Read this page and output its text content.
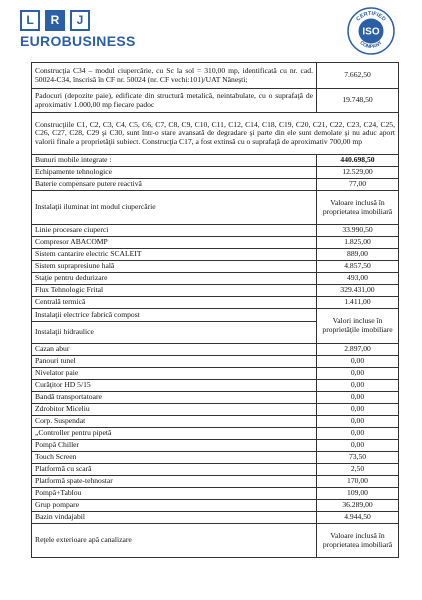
L	R	J
EUROBUSINESS
CERTIFIED
COMPANY
ISO
Construcţia C34 – modul ciupercărie, cu Sc la sol = 310,00 mp, identificată cu nr. cad. 50024-C34, înscrisă în CF nr. 50024 (nr. CF vechi:101)/UAT Năneşti;	7.662,50
Padocuri (depozite paie), edificate din structură metalică, neintabulate, cu o suprafaţă de aproximativ 1.000,00 mp fiecare padoc	19.748,50
Construcţiile C1, C2, C3, C4, C5, C6, C7, C8, C9, C10, C11, C12, C14, C18, C19, C20, C21, C22, C23, C24, C25, C26, C27, C28, C29 şi C30, sunt într-o stare avansată de degradare şi parte din ele sunt demolate şi nu aduc aport valorii finale a proprietăţii subiect. Construcţia C17, a fost extinsă cu o suprafaţă de aproximativ 700,00 mp	
Bunuri mobile integrate :	440.698,50
Echipamente tehnologice	12.529,00
Baterie compensare putere reactivă	77,00
Instalaţii iluminat int modul ciupercărie	Valoare inclusă în proprietatea imobiliară
Linie procesare ciuperci	33.990,50
Compresor ABACOMP	1.825,00
Sistem cantarire electric SCALEIT	889,00
Sistem suprapresiune hală	4.857,50
Staţie pentru dedurizare	493,00
Flux Tehnologic Frital	329.431,00
Centrală termică	1.411,00
Instalaţii electrice fabrică compost	Valori incluse în proprietăţile imobiliare
Instalaţii hidraulice	
Cazan abur	2.897,00
Panouri tunel	0,00
Nivelator paie	0,00
Curăţitor HD 5/15	0,00
Bandă transportatoare	0,00
Zdrobitor Miceliu	0,00
Corp. Suspendat	0,00
„Controller pentru pipetă	0,00
Pompă Chiller	0,00
Touch Screen	73,50
Platformă cu scară	2,50
Platformă spate-tehnostar	170,00
Pompă+Tablou	109,00
Grup pompare	36.289,00
Bazin vindajabil	4.944,50
Reţele exterioare apă canalizare	Valoare inclusă în proprietatea imobiliară
